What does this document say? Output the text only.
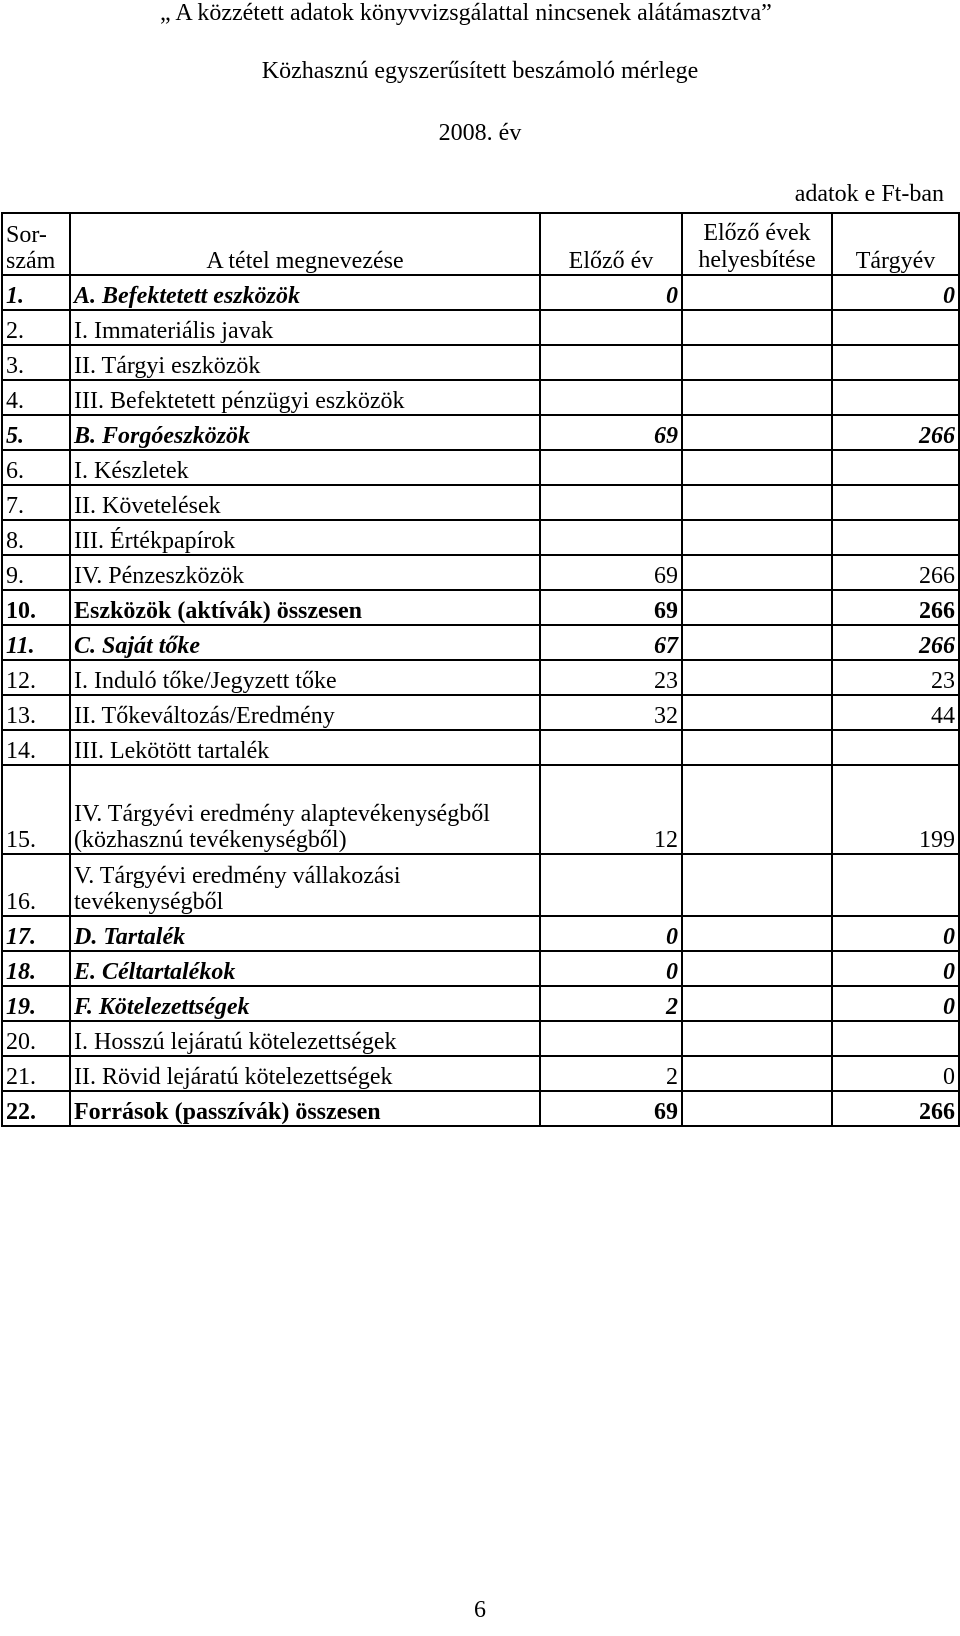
„ A közzétett adatok könyvvizsgálattal nincsenek alátámasztva”
Közhasznú egyszerűsített beszámoló mérlege
2008. év
adatok e Ft-ban
Sor-
szám	A tétel megnevezése	Előző év	Előző évek
helyesbítése	Tárgyév
1.	A. Befektetett eszközök	0		0
2.	I. Immateriális javak			
3.	II. Tárgyi eszközök			
4.	III. Befektetett pénzügyi eszközök			
5.	B. Forgóeszközök	69		266
6.	I. Készletek			
7.	II. Követelések			
8.	III. Értékpapírok			
9.	IV. Pénzeszközök	69		266
10.	Eszközök (aktívák) összesen	69		266
11.	C. Saját tőke	67		266
12.	I. Induló tőke/Jegyzett tőke	23		23
13.	II. Tőkeváltozás/Eredmény	32		44
14.	III. Lekötött tartalék			
15.	IV. Tárgyévi eredmény alaptevékenységből (közhasznú tevékenységből)	12		199
16.	V. Tárgyévi eredmény vállakozási tevékenységből			
17.	D. Tartalék	0		0
18.	E. Céltartalékok	0		0
19.	F. Kötelezettségek	2		0
20.	I. Hosszú lejáratú kötelezettségek			
21.	II. Rövid lejáratú kötelezettségek	2		0
22.	Források (passzívák) összesen	69		266
6
